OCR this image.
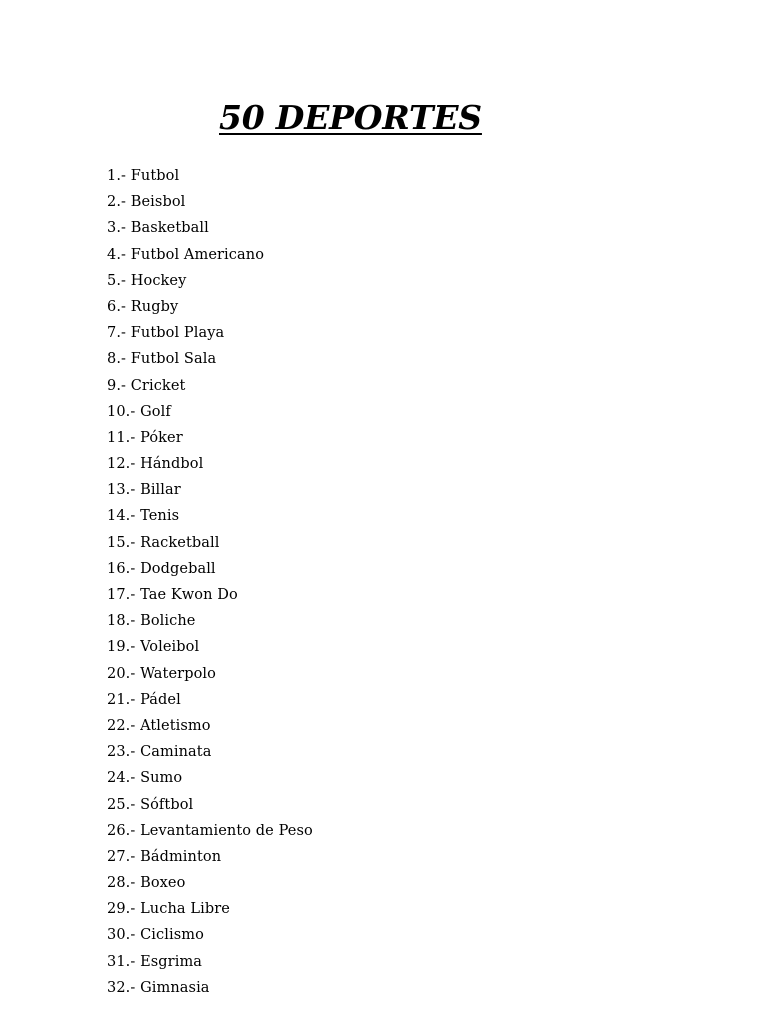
50 DEPORTES
1.- Futbol
2.- Beisbol
3.- Basketball
4.- Futbol Americano
5.- Hockey
6.- Rugby
7.- Futbol Playa
8.- Futbol Sala
9.- Cricket
10.- Golf
11.- Póker
12.- Hándbol
13.- Billar
14.- Tenis
15.- Racketball
16.- Dodgeball
17.- Tae Kwon Do
18.- Boliche
19.- Voleibol
20.- Waterpolo
21.- Pádel
22.- Atletismo
23.- Caminata
24.- Sumo
25.- Sóftbol
26.- Levantamiento de Peso
27.- Bádminton
28.- Boxeo
29.- Lucha Libre
30.- Ciclismo
31.- Esgrima
32.- Gimnasia
